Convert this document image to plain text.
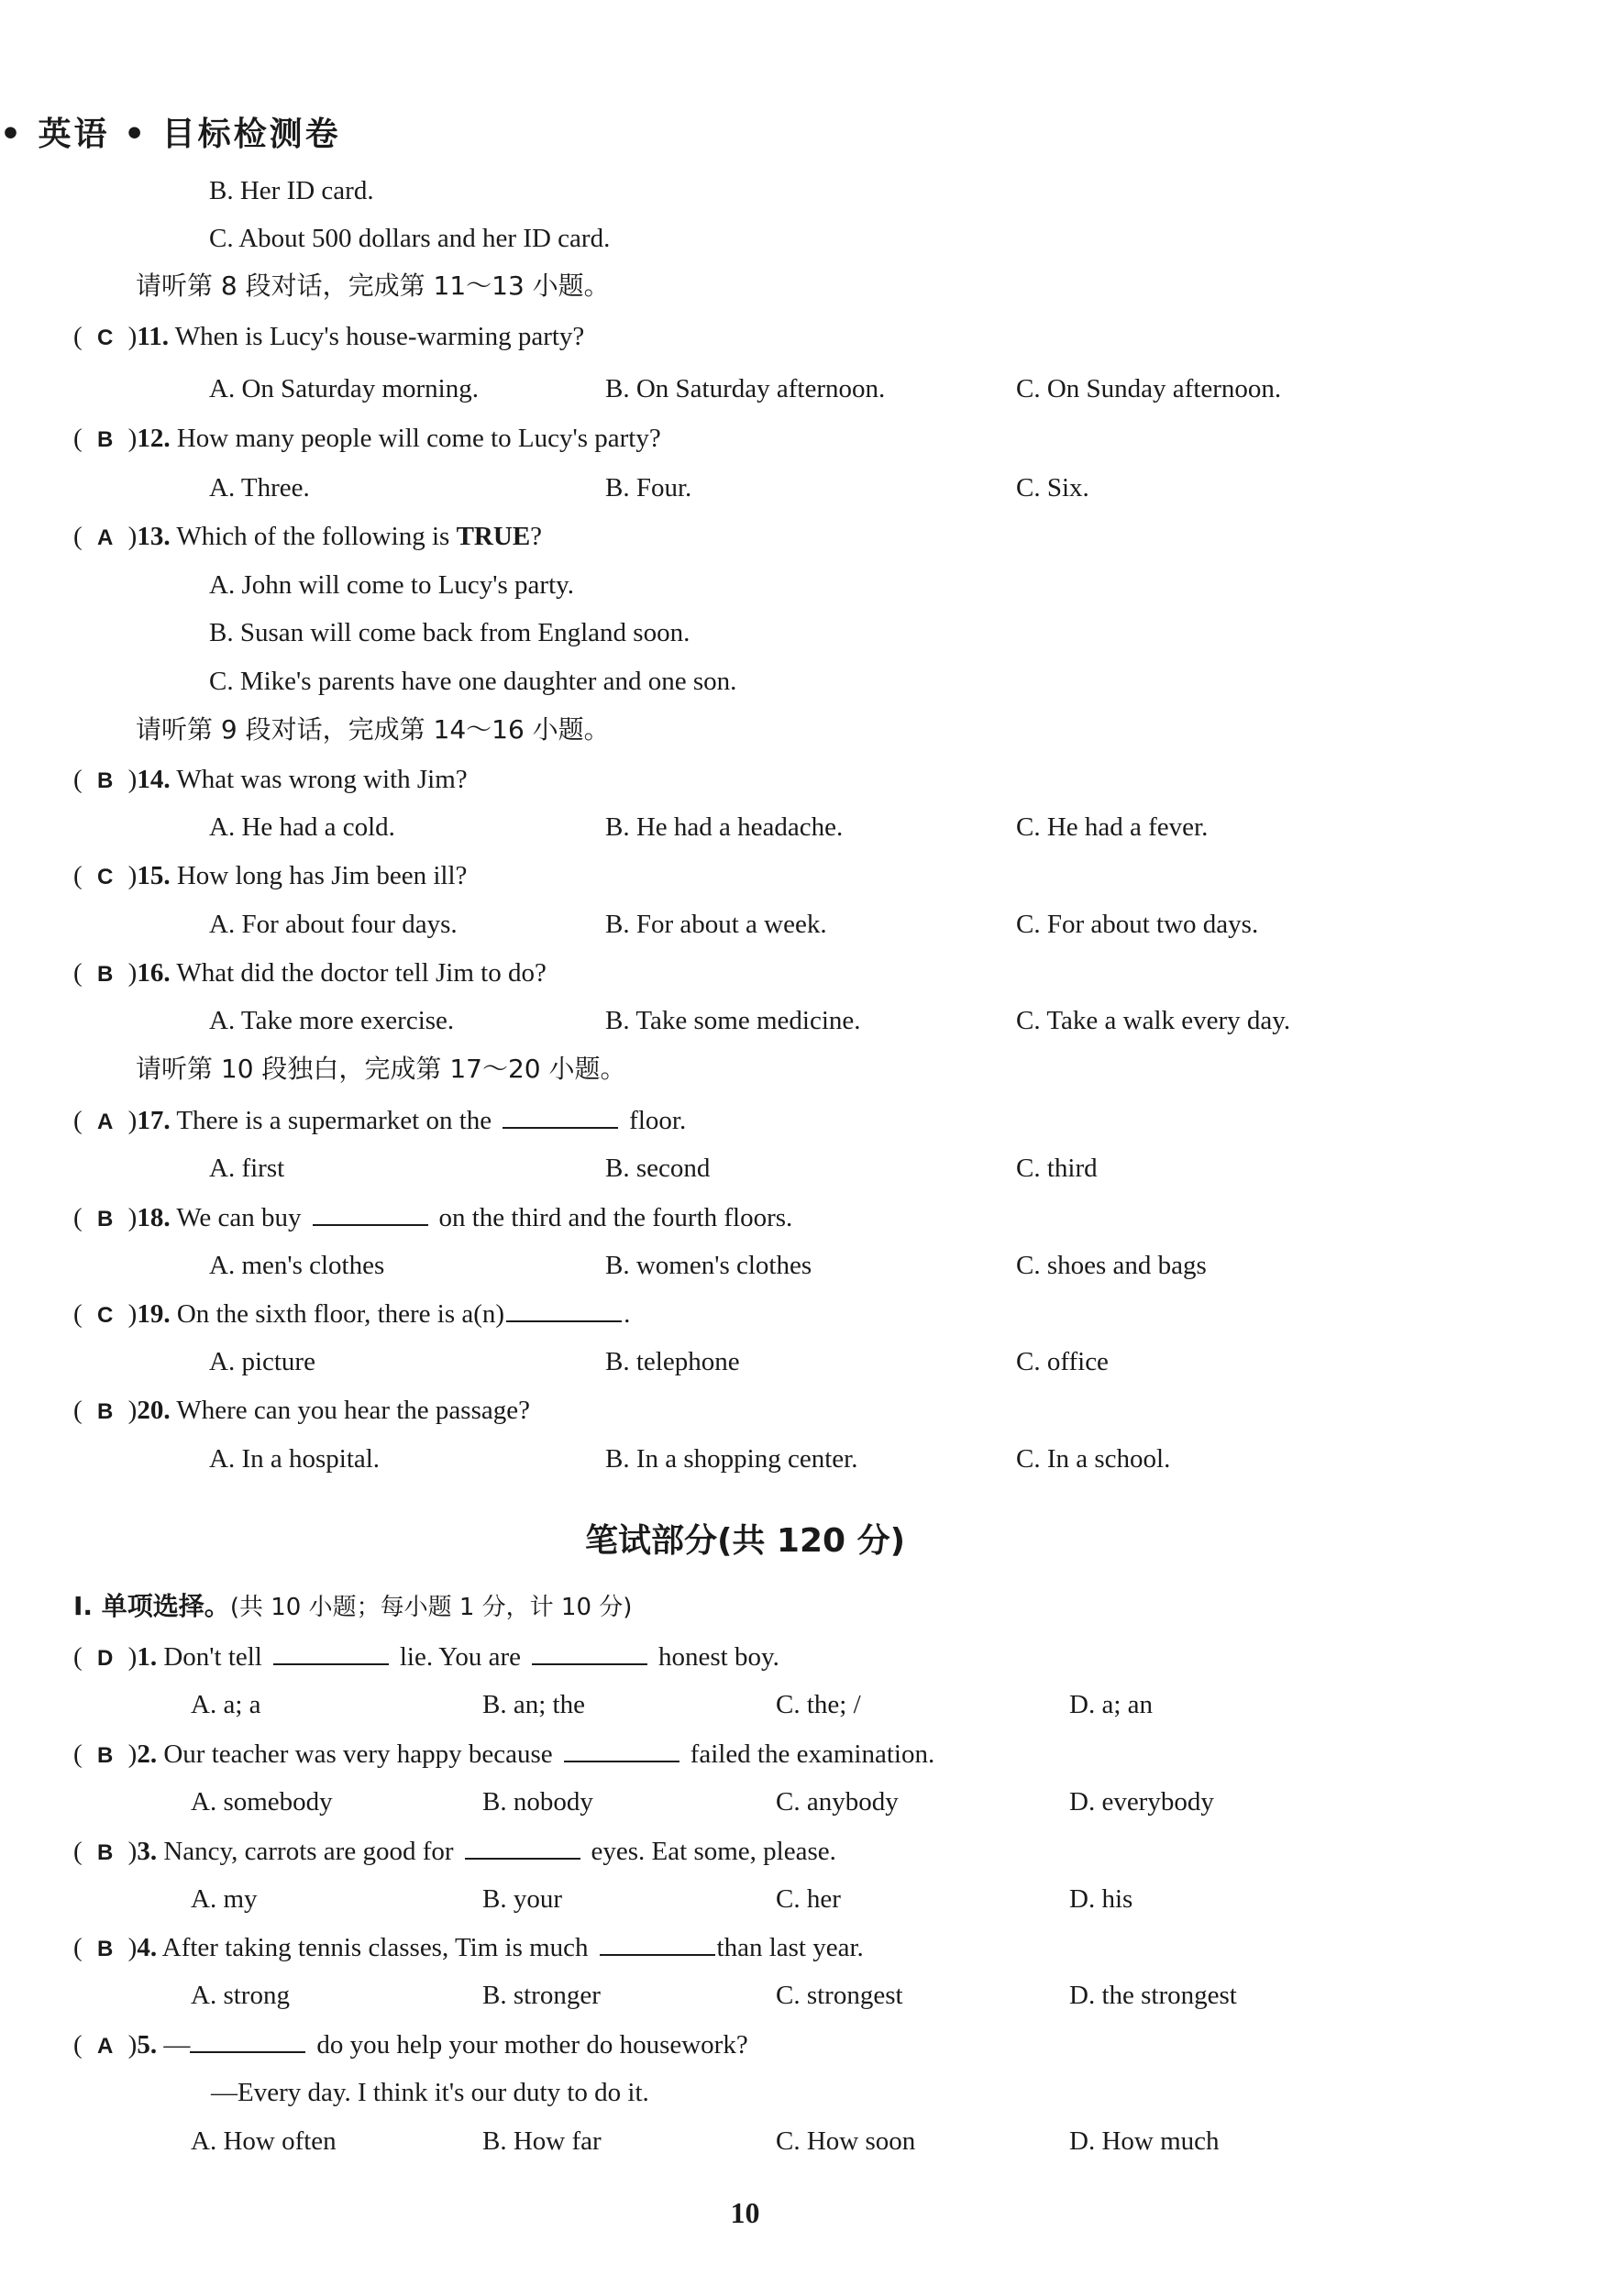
• 英语 • 目标检测卷
B. Her ID card.
C. About 500 dollars and her ID card.
请听第 8 段对话，完成第 11～13 小题。
( C )11. When is Lucy's house-warming party?
A. On Saturday morning.	B. On Saturday afternoon.	C. On Sunday afternoon.
( B )12. How many people will come to Lucy's party?
A. Three.	B. Four.	C. Six.
( A )13. Which of the following is TRUE?
A. John will come to Lucy's party.
B. Susan will come back from England soon.
C. Mike's parents have one daughter and one son.
请听第 9 段对话，完成第 14～16 小题。
( B )14. What was wrong with Jim?
A. He had a cold.	B. He had a headache.	C. He had a fever.
( C )15. How long has Jim been ill?
A. For about four days.	B. For about a week.	C. For about two days.
( B )16. What did the doctor tell Jim to do?
A. Take more exercise.	B. Take some medicine.	C. Take a walk every day.
请听第 10 段独白，完成第 17～20 小题。
( A )17. There is a supermarket on the	floor.
A. first	B. second	C. third
( B )18. We can buy	on the third and the fourth floors.
A. men's clothes	B. women's clothes	C. shoes and bags
( C )19. On the sixth floor, there is a(n)	.
A. picture	B. telephone	C. office
( B )20. Where can you hear the passage?
A. In a hospital.	B. In a shopping center.	C. In a school.
笔试部分(共 120 分)
Ⅰ. 单项选择。(共 10 小题；每小题 1 分，计 10 分)
( D )1. Don't tell	lie. You are	honest boy.
A. a; a	B. an; the	C. the; /	D. a; an
( B )2. Our teacher was very happy because	failed the examination.
A. somebody	B. nobody	C. anybody	D. everybody
( B )3. Nancy, carrots are good for	eyes. Eat some, please.
A. my	B. your	C. her	D. his
( B )4. After taking tennis classes, Tim is much	than last year.
A. strong	B. stronger	C. strongest	D. the strongest
( A )5. —	do you help your mother do housework?
—Every day. I think it's our duty to do it.
A. How often	B. How far	C. How soon	D. How much
10
